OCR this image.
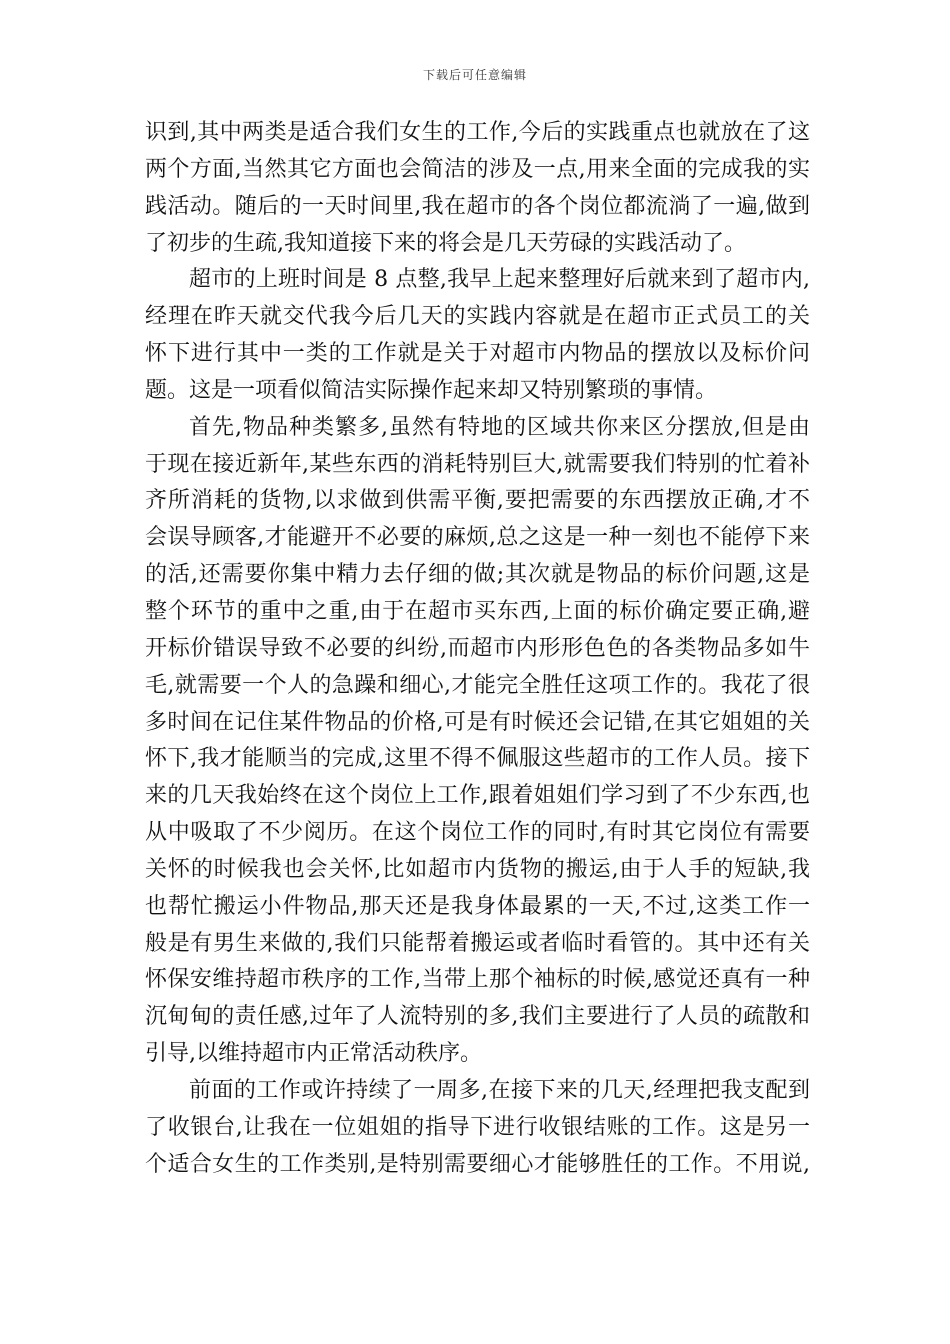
下载后可任意编辑
识到,其中两类是适合我们女生的工作,今后的实践重点也就放在了这
两个方面,当然其它方面也会简洁的涉及一点,用来全面的完成我的实
践活动。随后的一天时间里,我在超市的各个岗位都流淌了一遍,做到
了初步的生疏,我知道接下来的将会是几天劳碌的实践活动了。
超市的上班时间是 8 点整,我早上起来整理好后就来到了超市内,
经理在昨天就交代我今后几天的实践内容就是在超市正式员工的关
怀下进行其中一类的工作就是关于对超市内物品的摆放以及标价问
题。这是一项看似简洁实际操作起来却又特别繁琐的事情。
首先,物品种类繁多,虽然有特地的区域共你来区分摆放,但是由
于现在接近新年,某些东西的消耗特别巨大,就需要我们特别的忙着补
齐所消耗的货物,以求做到供需平衡,要把需要的东西摆放正确,才不
会误导顾客,才能避开不必要的麻烦,总之这是一种一刻也不能停下来
的活,还需要你集中精力去仔细的做;其次就是物品的标价问题,这是
整个环节的重中之重,由于在超市买东西,上面的标价确定要正确,避
开标价错误导致不必要的纠纷,而超市内形形色色的各类物品多如牛
毛,就需要一个人的急躁和细心,才能完全胜任这项工作的。我花了很
多时间在记住某件物品的价格,可是有时候还会记错,在其它姐姐的关
怀下,我才能顺当的完成,这里不得不佩服这些超市的工作人员。接下
来的几天我始终在这个岗位上工作,跟着姐姐们学习到了不少东西,也
从中吸取了不少阅历。在这个岗位工作的同时,有时其它岗位有需要
关怀的时候我也会关怀,比如超市内货物的搬运,由于人手的短缺,我
也帮忙搬运小件物品,那天还是我身体最累的一天,不过,这类工作一
般是有男生来做的,我们只能帮着搬运或者临时看管的。其中还有关
怀保安维持超市秩序的工作,当带上那个袖标的时候,感觉还真有一种
沉甸甸的责任感,过年了人流特别的多,我们主要进行了人员的疏散和
引导,以维持超市内正常活动秩序。
前面的工作或许持续了一周多,在接下来的几天,经理把我支配到
了收银台,让我在一位姐姐的指导下进行收银结账的工作。这是另一
个适合女生的工作类别,是特别需要细心才能够胜任的工作。不用说,
